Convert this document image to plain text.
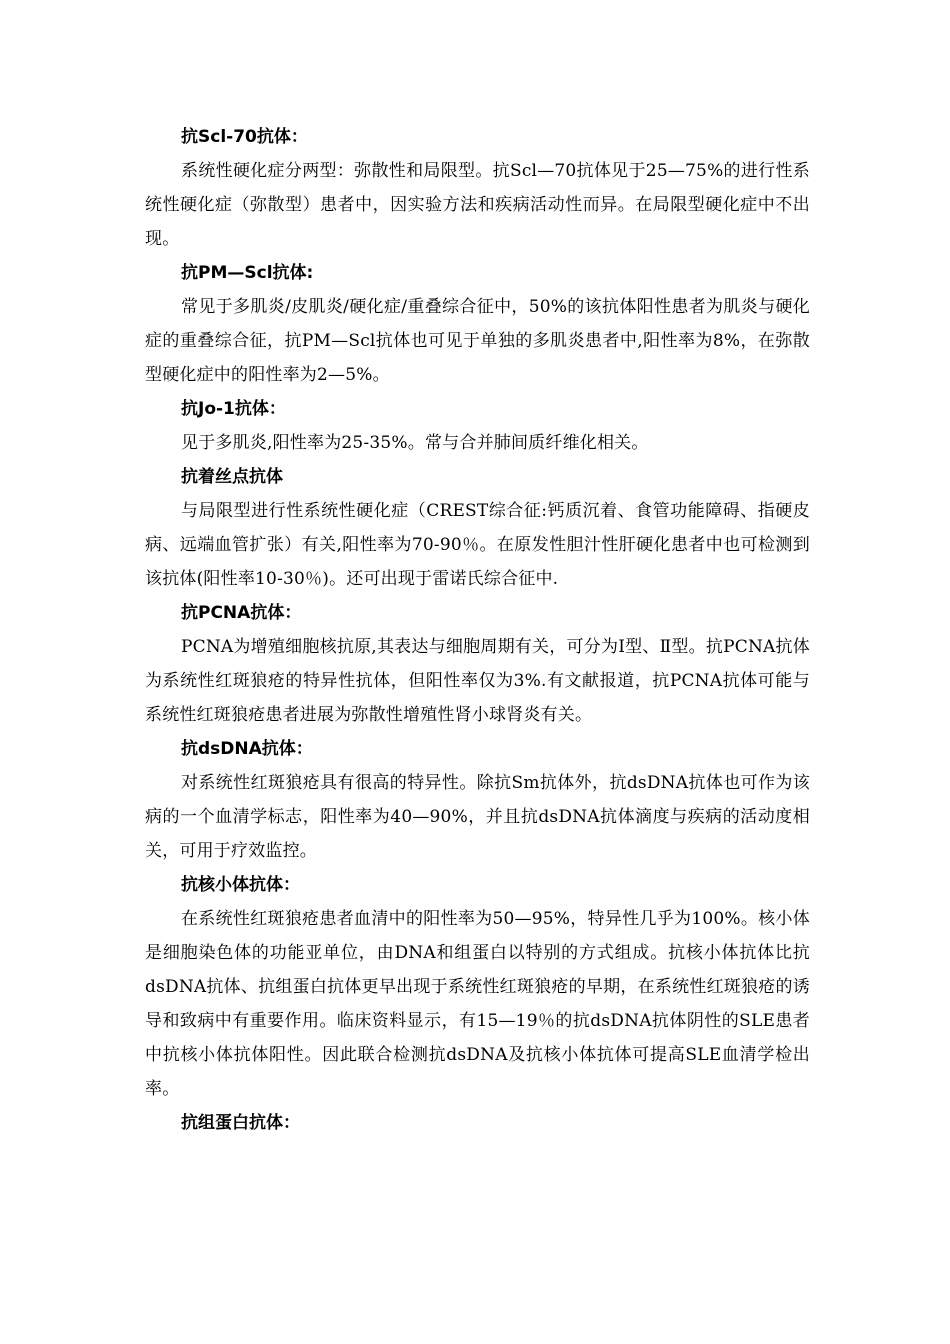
抗Scl-70抗体：

系统性硬化症分两型：弥散性和局限型。抗Scl—70抗体见于25—75%的进行性系统性硬化症（弥散型）患者中，因实验方法和疾病活动性而异。在局限型硬化症中不出现。

抗PM—Scl抗体:

常见于多肌炎/皮肌炎/硬化症/重叠综合征中，50%的该抗体阳性患者为肌炎与硬化症的重叠综合征，抗PM—Scl抗体也可见于单独的多肌炎患者中,阳性率为8%，在弥散型硬化症中的阳性率为2—5%。

抗Jo-1抗体：

见于多肌炎,阳性率为25-35%。常与合并肺间质纤维化相关。

抗着丝点抗体

与局限型进行性系统性硬化症（CREST综合征:钙质沉着、食管功能障碍、指硬皮病、远端血管扩张）有关,阳性率为70-90％。在原发性胆汁性肝硬化患者中也可检测到该抗体(阳性率10-30％)。还可出现于雷诺氏综合征中.

抗PCNA抗体：

PCNA为增殖细胞核抗原,其表达与细胞周期有关，可分为Ⅰ型、Ⅱ型。抗PCNA抗体为系统性红斑狼疮的特异性抗体，但阳性率仅为3%.有文献报道，抗PCNA抗体可能与系统性红斑狼疮患者进展为弥散性增殖性肾小球肾炎有关。

抗dsDNA抗体：

对系统性红斑狼疮具有很高的特异性。除抗Sm抗体外，抗dsDNA抗体也可作为该病的一个血清学标志，阳性率为40—90%，并且抗dsDNA抗体滴度与疾病的活动度相关，可用于疗效监控。

抗核小体抗体：

在系统性红斑狼疮患者血清中的阳性率为50—95%，特异性几乎为100%。核小体是细胞染色体的功能亚单位，由DNA和组蛋白以特别的方式组成。抗核小体抗体比抗dsDNA抗体、抗组蛋白抗体更早出现于系统性红斑狼疮的早期，在系统性红斑狼疮的诱导和致病中有重要作用。临床资料显示，有15—19％的抗dsDNA抗体阴性的SLE患者中抗核小体抗体阳性。因此联合检测抗dsDNA及抗核小体抗体可提高SLE血清学检出率。

抗组蛋白抗体：
